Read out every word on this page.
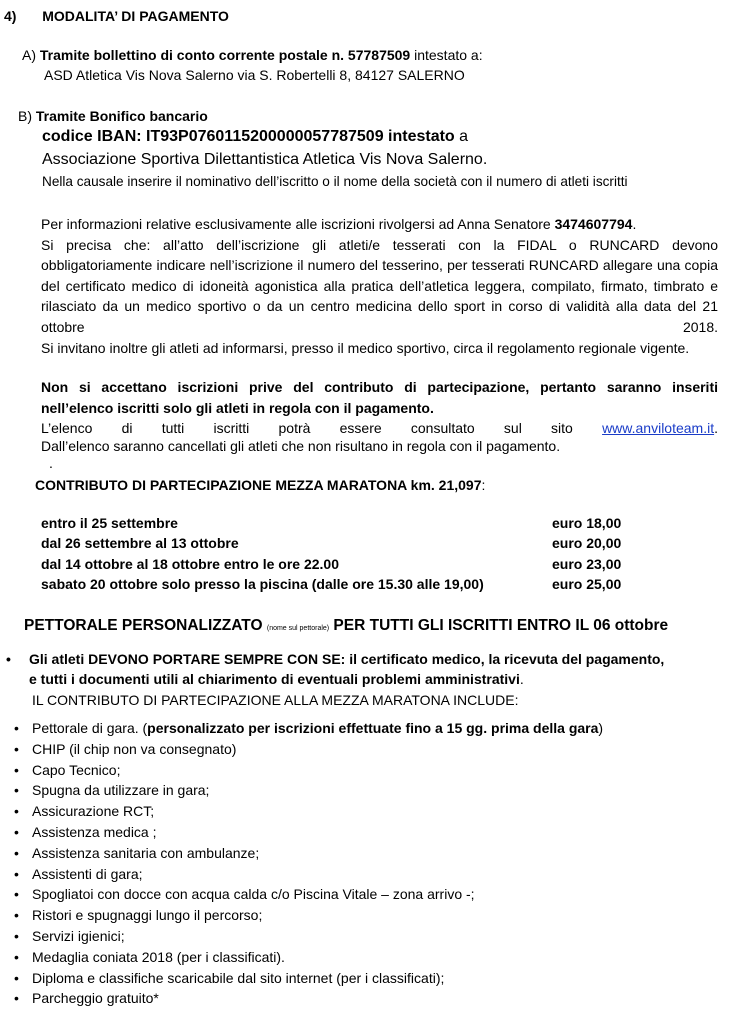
4) MODALITA’ DI PAGAMENTO
A) Tramite bollettino di conto corrente postale n. 57787509 intestato a:
ASD Atletica Vis Nova Salerno via S. Robertelli 8, 84127 SALERNO
B) Tramite Bonifico bancario
codice IBAN: IT93P0760115200000057787509 intestato a
Associazione Sportiva Dilettantistica Atletica Vis Nova Salerno.
Nella causale inserire il nominativo dell’iscritto o il nome della società con il numero di atleti iscritti

Per informazioni relative esclusivamente alle iscrizioni rivolgersi ad Anna Senatore 3474607794.

Si precisa che: all’atto dell’iscrizione gli atleti/e tesserati con la FIDAL o RUNCARD devono obbligatoriamente indicare nell’iscrizione il numero del tesserino, per tesserati RUNCARD allegare una copia del certificato medico di idoneità agonistica alla pratica dell’atletica leggera, compilato, firmato, timbrato e rilasciato da un medico sportivo o da un centro medicina dello sport in corso di validità alla data del 21 ottobre 2018.

Si invitano inoltre gli atleti ad informarsi, presso il medico sportivo, circa il regolamento regionale vigente.

Non si accettano iscrizioni prive del contributo di partecipazione, pertanto saranno inseriti nell’elenco iscritti solo gli atleti in regola con il pagamento.

L’elenco di tutti iscritti potrà essere consultato sul sito www.anviloteam.it.

Dall’elenco saranno cancellati gli atleti che non risultano in regola con il pagamento.
.
CONTRIBUTO DI PARTECIPAZIONE MEZZA MARATONA km. 21,097:
entro il 25 settembre	euro 18,00
dal 26 settembre al 13 ottobre	euro 20,00
dal 14 ottobre al 18 ottobre entro le ore 22.00	euro 23,00
sabato 20 ottobre solo presso la piscina (dalle ore 15.30 alle 19,00)	euro 25,00
PETTORALE PERSONALIZZATO (nome sul pettorale) PER TUTTI GLI ISCRITTI ENTRO IL 06 ottobre
• Gli atleti DEVONO PORTARE SEMPRE CON SE: il certificato medico, la ricevuta del pagamento,
e tutti i documenti utili al chiarimento di eventuali problemi amministrativi.
IL CONTRIBUTO DI PARTECIPAZIONE ALLA MEZZA MARATONA INCLUDE:
• Pettorale di gara. (personalizzato per iscrizioni effettuate fino a 15 gg. prima della gara)
• CHIP (il chip non va consegnato)
• Capo Tecnico;
• Spugna da utilizzare in gara;
• Assicurazione RCT;
• Assistenza medica ;
• Assistenza sanitaria con ambulanze;
• Assistenti di gara;
• Spogliatoi con docce con acqua calda c/o Piscina Vitale – zona arrivo -;
• Ristori e spugnaggi lungo il percorso;
• Servizi igienici;
• Medaglia coniata 2018 (per i classificati).
• Diploma e classifiche scaricabile dal sito internet (per i classificati);
• Parcheggio gratuito*
